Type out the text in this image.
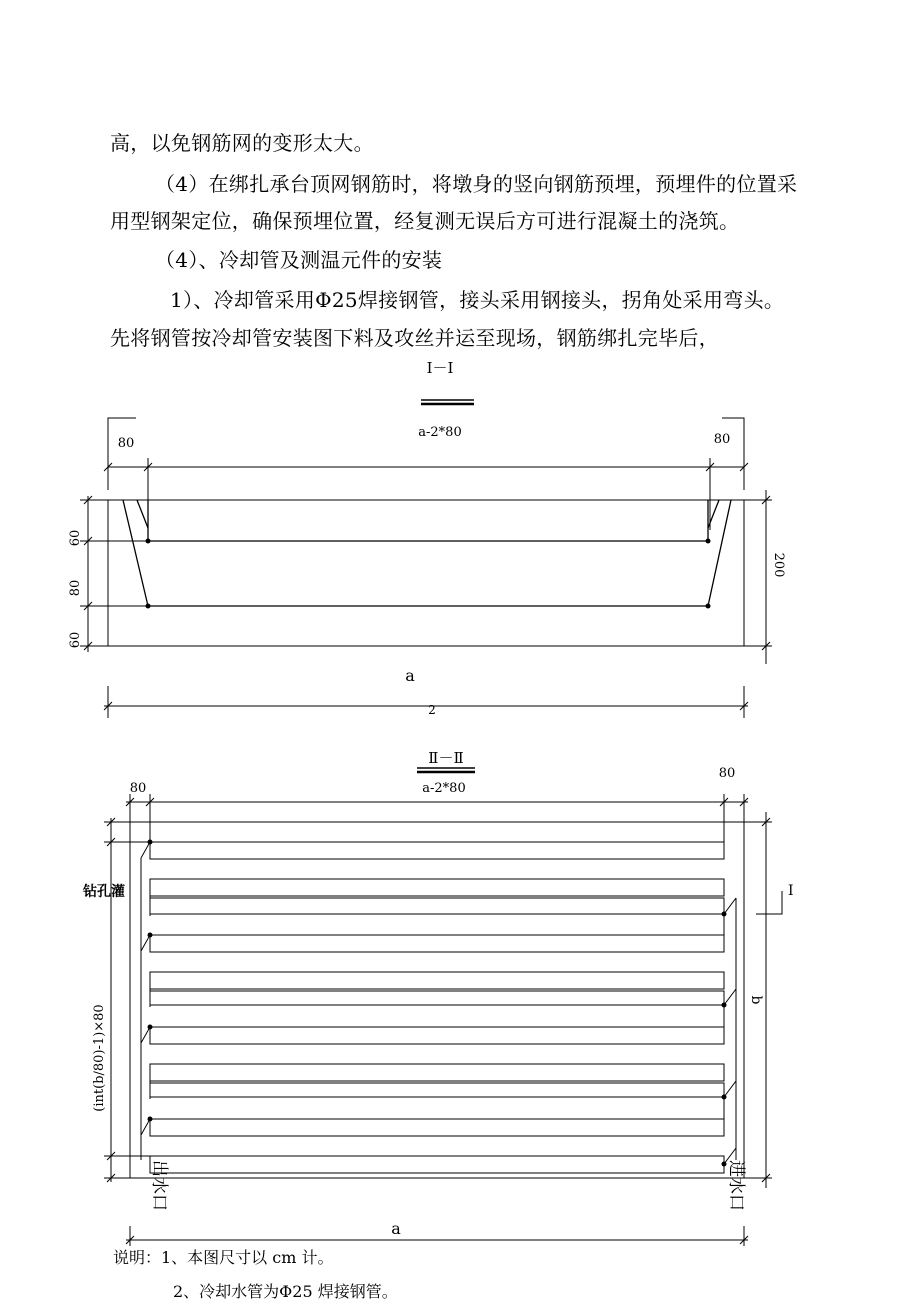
高，以免钢筋网的变形太大。
（4）在绑扎承台顶网钢筋时，将墩身的竖向钢筋预埋，预埋件的位置采
用型钢架定位，确保预埋位置，经复测无误后方可进行混凝土的浇筑。
（4）、冷却管及测温元件的安装
1）、冷却管采用Φ25焊接钢管，接头采用钢接头，拐角处采用弯头。
先将钢管按冷却管安装图下料及攻丝并运至现场，钢筋绑扎完毕后，
Ⅰ－Ⅰ
80
a-2*80	80
60
80
60
200
a
2
Ⅱ－Ⅱ
80	a-2*80
80
钻孔灌
(int(b/80)-1)×80
I
b
出水口	进水口
a
说明：1、本图尺寸以 cm 计。
2、冷却水管为Φ25 焊接钢管。
